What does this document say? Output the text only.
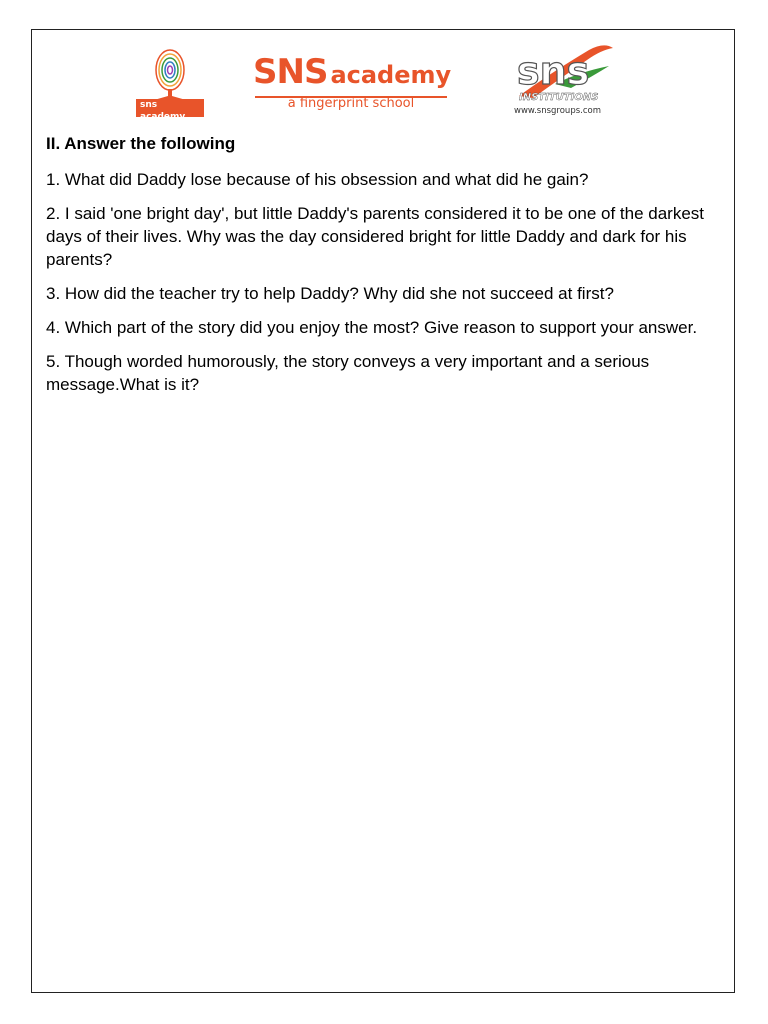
sns academy
a fingerprint school
SNS academy
a fingerprint school
sns
INSTITUTIONS
www.snsgroups.com
II. Answer the following
1. What did Daddy lose because of his obsession and what did he gain?
2. I said 'one bright day', but little Daddy's parents considered it to be one of the darkest days of their lives. Why was the day considered bright for little Daddy and dark for his parents?
3. How did the teacher try to help Daddy? Why did she not succeed at first?
4. Which part of the story did you enjoy the most? Give reason to support your answer.
5. Though worded humorously, the story conveys a very important and a serious message.What is it?
